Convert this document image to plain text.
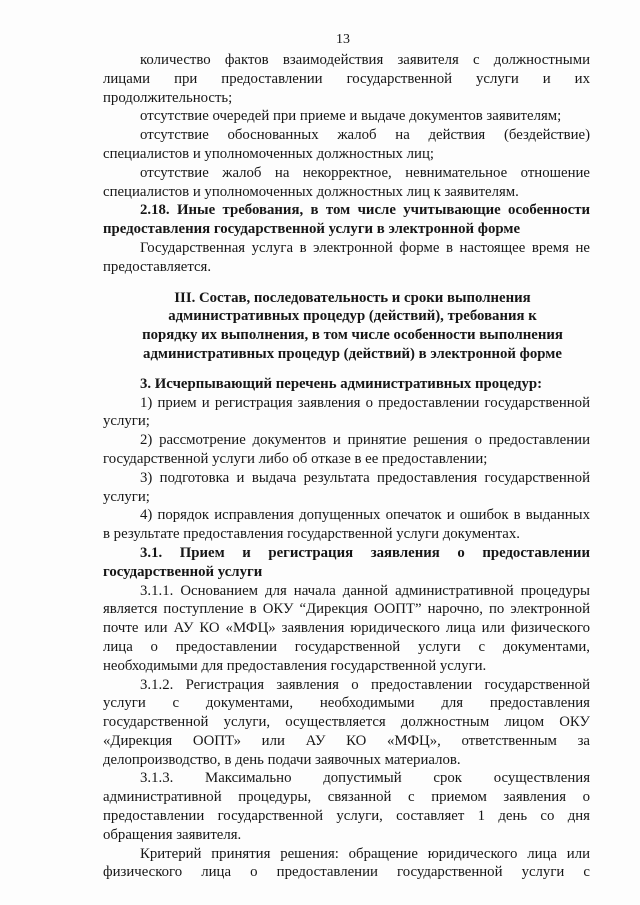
13
количество фактов взаимодействия заявителя с должностными
лицами при предоставлении государственной услуги и их
продолжительность;
отсутствие очередей при приеме и выдаче документов заявителям;
отсутствие обоснованных жалоб на действия (бездействие)
специалистов и уполномоченных должностных лиц;
отсутствие жалоб на некорректное, невнимательное отношение
специалистов и уполномоченных должностных лиц к заявителям.
2.18. Иные требования, в том числе учитывающие особенности
предоставления государственной услуги в электронной форме
Государственная услуга в электронной форме в настоящее время не
предоставляется.
III. Состав, последовательность и сроки выполнения
административных процедур (действий), требования к
порядку их выполнения, в том числе особенности выполнения
административных процедур (действий) в электронной форме
3. Исчерпывающий перечень административных процедур:
1) прием и регистрация заявления о предоставлении государственной
услуги;
2) рассмотрение документов и принятие решения о предоставлении
государственной услуги либо об отказе в ее предоставлении;
3) подготовка и выдача результата предоставления государственной
услуги;
4) порядок исправления допущенных опечаток и ошибок в выданных
в результате предоставления государственной услуги документах.
3.1. Прием и регистрация заявления о предоставлении
государственной услуги
3.1.1. Основанием для начала данной административной процедуры
является поступление в ОКУ “Дирекция ООПТ” нарочно, по электронной
почте или АУ КО «МФЦ» заявления юридического лица или физического
лица о предоставлении государственной услуги с документами,
необходимыми для предоставления государственной услуги.
3.1.2. Регистрация заявления о предоставлении государственной
услуги с документами, необходимыми для предоставления
государственной услуги, осуществляется должностным лицом ОКУ
«Дирекция ООПТ» или АУ КО «МФЦ», ответственным за
делопроизводство, в день подачи заявочных материалов.
3.1.3. Максимально допустимый срок осуществления
административной процедуры, связанной с приемом заявления о
предоставлении государственной услуги, составляет 1 день со дня
обращения заявителя.
Критерий принятия решения: обращение юридического лица или
физического лица о предоставлении государственной услуги с
